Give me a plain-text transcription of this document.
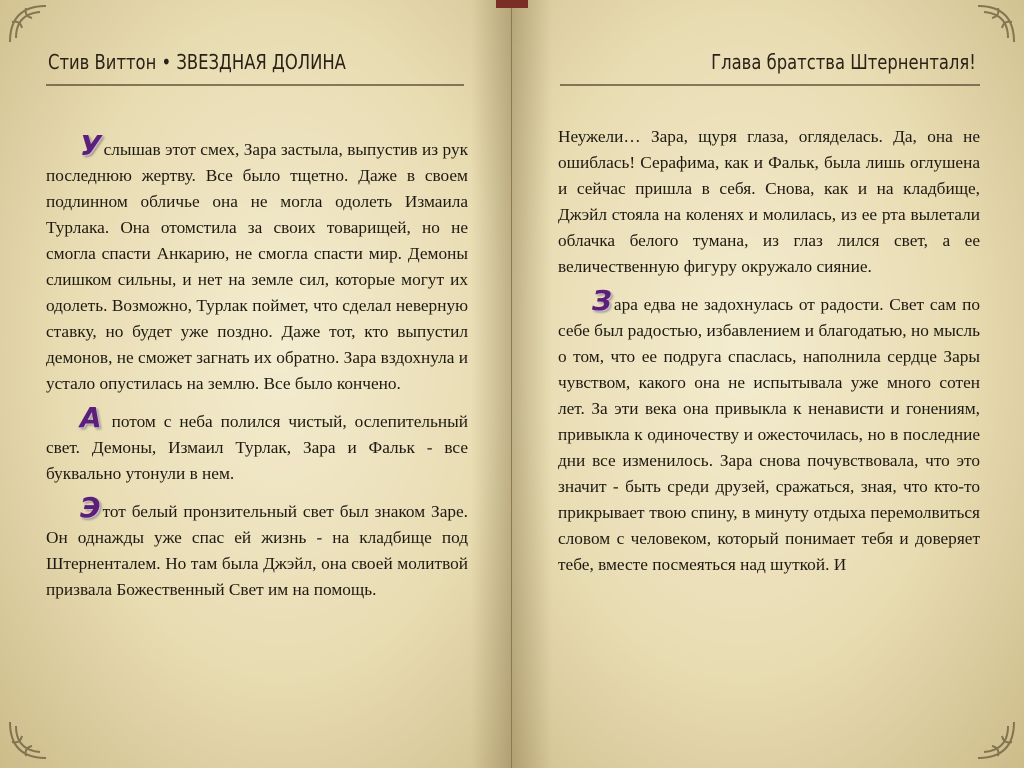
Стив Виттон • ЗВЕЗДНАЯ ДОЛИНА

Услышав этот смех, Зара застыла, выпустив из рук последнюю жертву. Все было тщетно. Даже в своем подлинном обличье она не могла одолеть Измаила Турлака. Она отомстила за своих товарищей, но не смогла спасти Анкарию, не смогла спасти мир. Демоны слишком сильны, и нет на земле сил, которые могут их одолеть. Возможно, Турлак поймет, что сделал неверную ставку, но будет уже поздно. Даже тот, кто выпустил демонов, не сможет загнать их обратно. Зара вздохнула и устало опустилась на землю. Все было кончено.

А потом с неба полился чистый, ослепительный свет. Демоны, Измаил Турлак, Зара и Фальк - все буквально утонули в нем.

Этот белый пронзительный свет был знаком Заре. Он однажды уже спас ей жизнь - на кладбище под Штерненталем. Но там была Джэйл, она своей молитвой призвала Божественный Свет им на помощь.

Глава братства Штерненталя!

Неужели… Зара, щуря глаза, огляделась. Да, она не ошиблась! Серафима, как и Фальк, была лишь оглушена и сейчас пришла в себя. Снова, как и на кладбище, Джэйл стояла на коленях и молилась, из ее рта вылетали облачка белого тумана, из глаз лился свет, а ее величественную фигуру окружало сияние.

Зара едва не задохнулась от радости. Свет сам по себе был радостью, избавлением и благодатью, но мысль о том, что ее подруга спаслась, наполнила сердце Зары чувством, какого она не испытывала уже много сотен лет. За эти века она привыкла к ненависти и гонениям, привыкла к одиночеству и ожесточилась, но в последние дни все изменилось. Зара снова почувствовала, что это значит - быть среди друзей, сражаться, зная, что кто-то прикрывает твою спину, в минуту отдыха перемолвиться словом с человеком, который понимает тебя и доверяет тебе, вместе посмеяться над шуткой. И
